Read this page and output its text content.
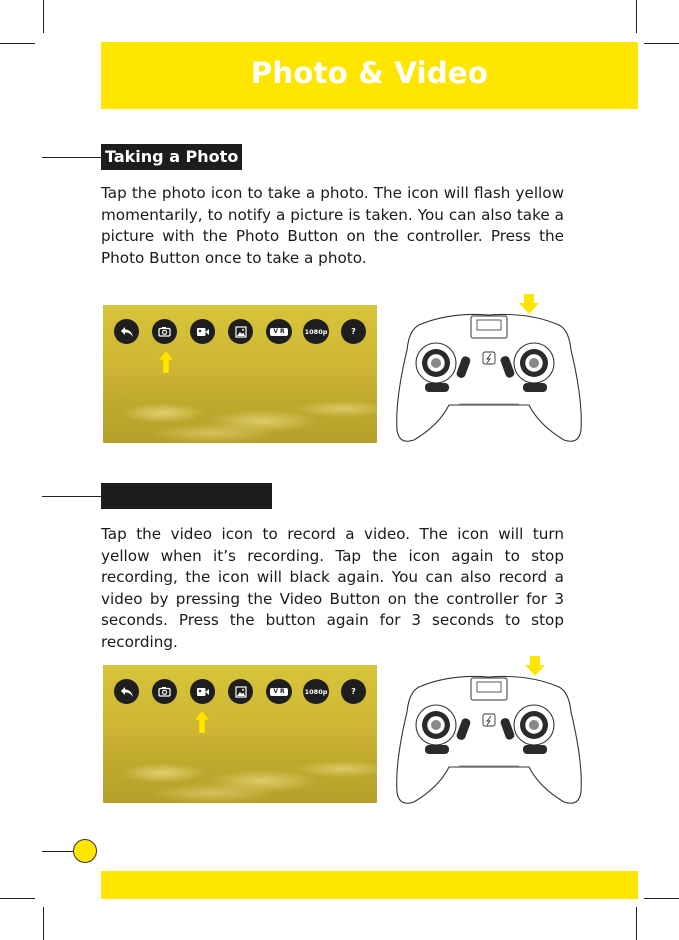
Photo & Video
Taking a Photo

Tap the photo icon to take a photo. The icon will flash yellow momentarily, to notify a picture is taken. You can also take a picture with the Photo Button on the controller. Press the Photo Button once to take a photo.

V R	1080p	?

Tap the video icon to record a video. The icon will turn yellow when it’s recording. Tap the icon again to stop recording, the icon will black again. You can also record a video by pressing the Video Button on the controller for 3 seconds. Press the button again for 3 seconds to stop recording.

V R	1080p	?
